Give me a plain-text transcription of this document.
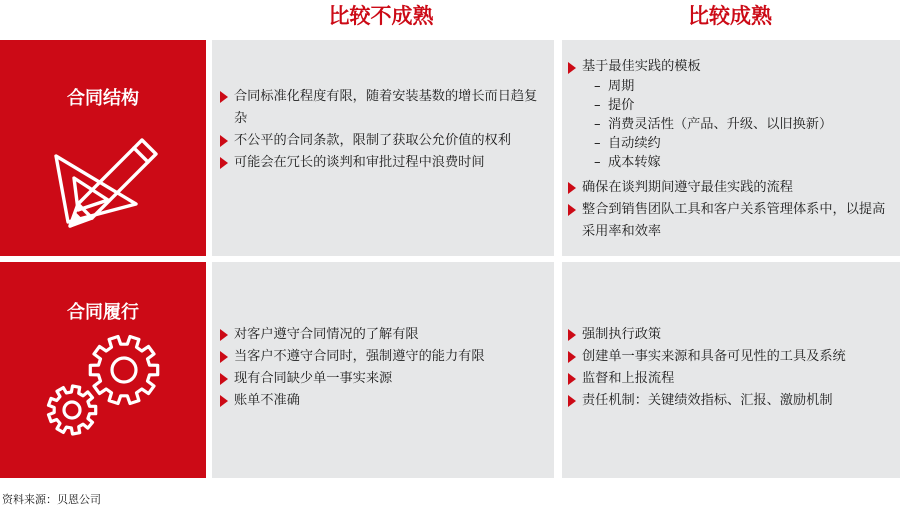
比较不成熟	比较成熟
合同结构	合同标准化程度有限，随着安装基数的增长而日趋复杂
不公平的合同条款，限制了获取公允价值的权利
可能会在冗长的谈判和审批过程中浪费时间
基于最佳实践的模板
– 周期
– 提价
– 消费灵活性（产品、升级、以旧换新）
– 自动续约
– 成本转嫁
确保在谈判期间遵守最佳实践的流程
整合到销售团队工具和客户关系管理体系中，以提高采用率和效率
合同履行
对客户遵守合同情况的了解有限
当客户不遵守合同时，强制遵守的能力有限
现有合同缺少单一事实来源
账单不准确
强制执行政策
创建单一事实来源和具备可见性的工具及系统
监督和上报流程
责任机制：关键绩效指标、汇报、激励机制
资料来源：贝恩公司
